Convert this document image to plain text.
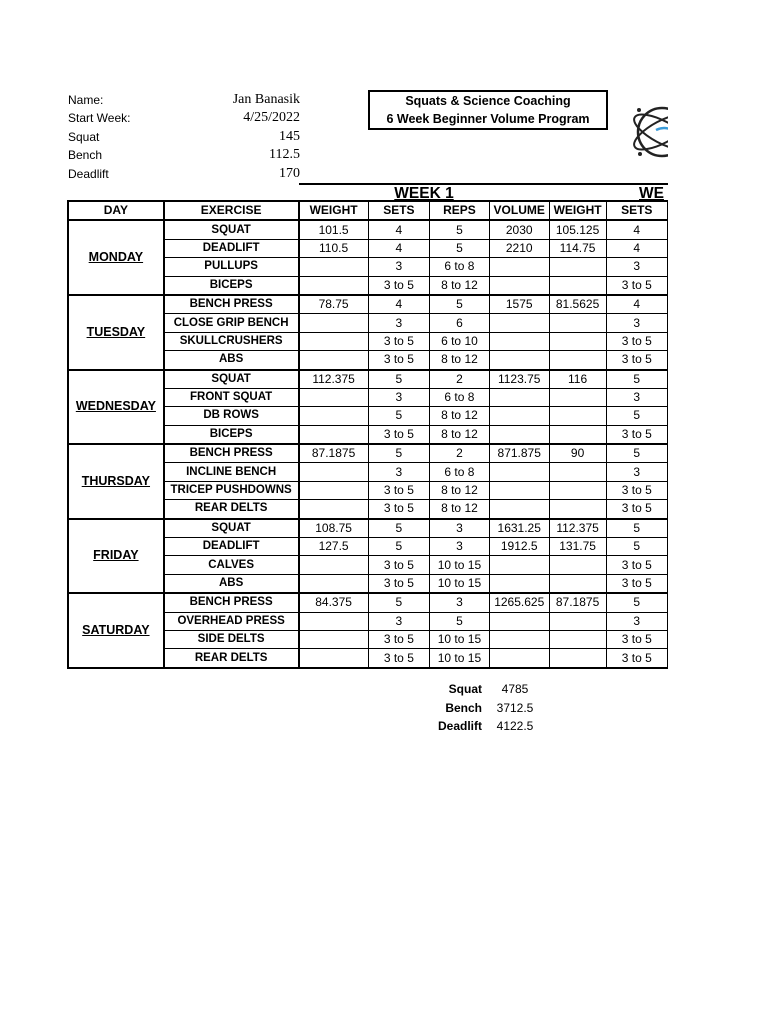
Name:	Jan Banasik
Start Week:	4/25/2022
Squat	145
Bench	112.5
Deadlift	170
Squats & Science Coaching
6 Week Beginner Volume Program
WEEK 1	WE
DAY	EXERCISE	WEIGHT	SETS	REPS	VOLUME	WEIGHT	SETS
MONDAY	SQUAT	101.5	4	5	2030	105.125	4
	DEADLIFT	110.5	4	5	2210	114.75	4
	PULLUPS		3	6 to 8			3
	BICEPS		3 to 5	8 to 12			3 to 5
TUESDAY	BENCH PRESS	78.75	4	5	1575	81.5625	4
	CLOSE GRIP BENCH		3	6			3
	SKULLCRUSHERS		3 to 5	6 to 10			3 to 5
	ABS		3 to 5	8 to 12			3 to 5
WEDNESDAY	SQUAT	112.375	5	2	1123.75	116	5
	FRONT SQUAT		3	6 to 8			3
	DB ROWS		5	8 to 12			5
	BICEPS		3 to 5	8 to 12			3 to 5
THURSDAY	BENCH PRESS	87.1875	5	2	871.875	90	5
	INCLINE BENCH		3	6 to 8			3
	TRICEP PUSHDOWNS		3 to 5	8 to 12			3 to 5
	REAR DELTS		3 to 5	8 to 12			3 to 5
FRIDAY	SQUAT	108.75	5	3	1631.25	112.375	5
	DEADLIFT	127.5	5	3	1912.5	131.75	5
	CALVES		3 to 5	10 to 15			3 to 5
	ABS		3 to 5	10 to 15			3 to 5
SATURDAY	BENCH PRESS	84.375	5	3	1265.625	87.1875	5
	OVERHEAD PRESS		3	5			3
	SIDE DELTS		3 to 5	10 to 15			3 to 5
	REAR DELTS		3 to 5	10 to 15			3 to 5
Squat	4785
Bench	3712.5
Deadlift	4122.5
